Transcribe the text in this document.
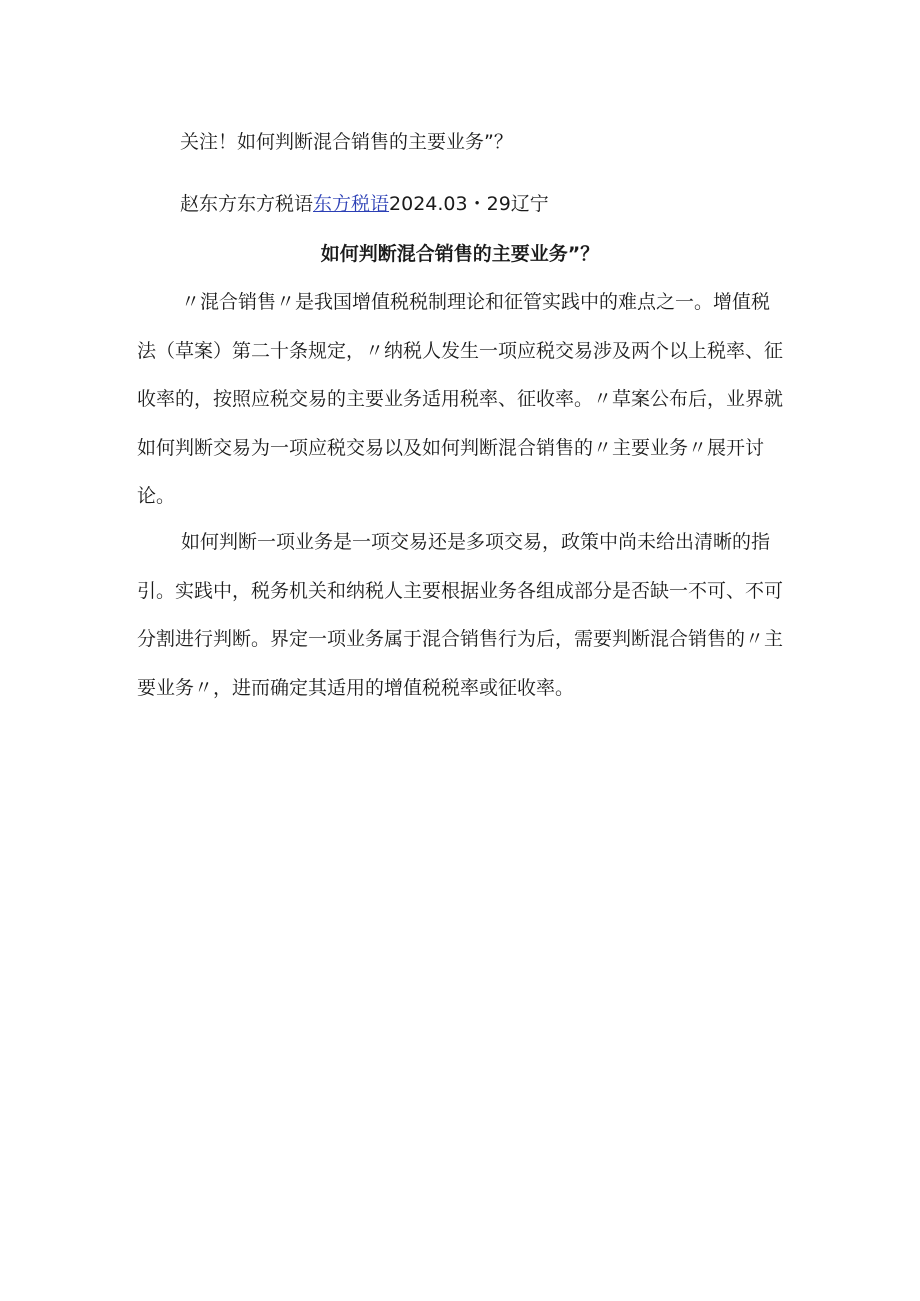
关注！如何判断混合销售的主要业务”？
赵东方东方税语东方税语2024.03・29辽宁
如何判断混合销售的主要业务”？

〃混合销售〃是我国增值税税制理论和征管实践中的难点之一。增值税法（草案）第二十条规定，〃纳税人发生一项应税交易涉及两个以上税率、征收率的，按照应税交易的主要业务适用税率、征收率。〃草案公布后，业界就如何判断交易为一项应税交易以及如何判断混合销售的〃主要业务〃展开讨论。

如何判断一项业务是一项交易还是多项交易，政策中尚未给出清晰的指引。实践中，税务机关和纳税人主要根据业务各组成部分是否缺一不可、不可分割进行判断。界定一项业务属于混合销售行为后，需要判断混合销售的〃主要业务〃，进而确定其适用的增值税税率或征收率。
